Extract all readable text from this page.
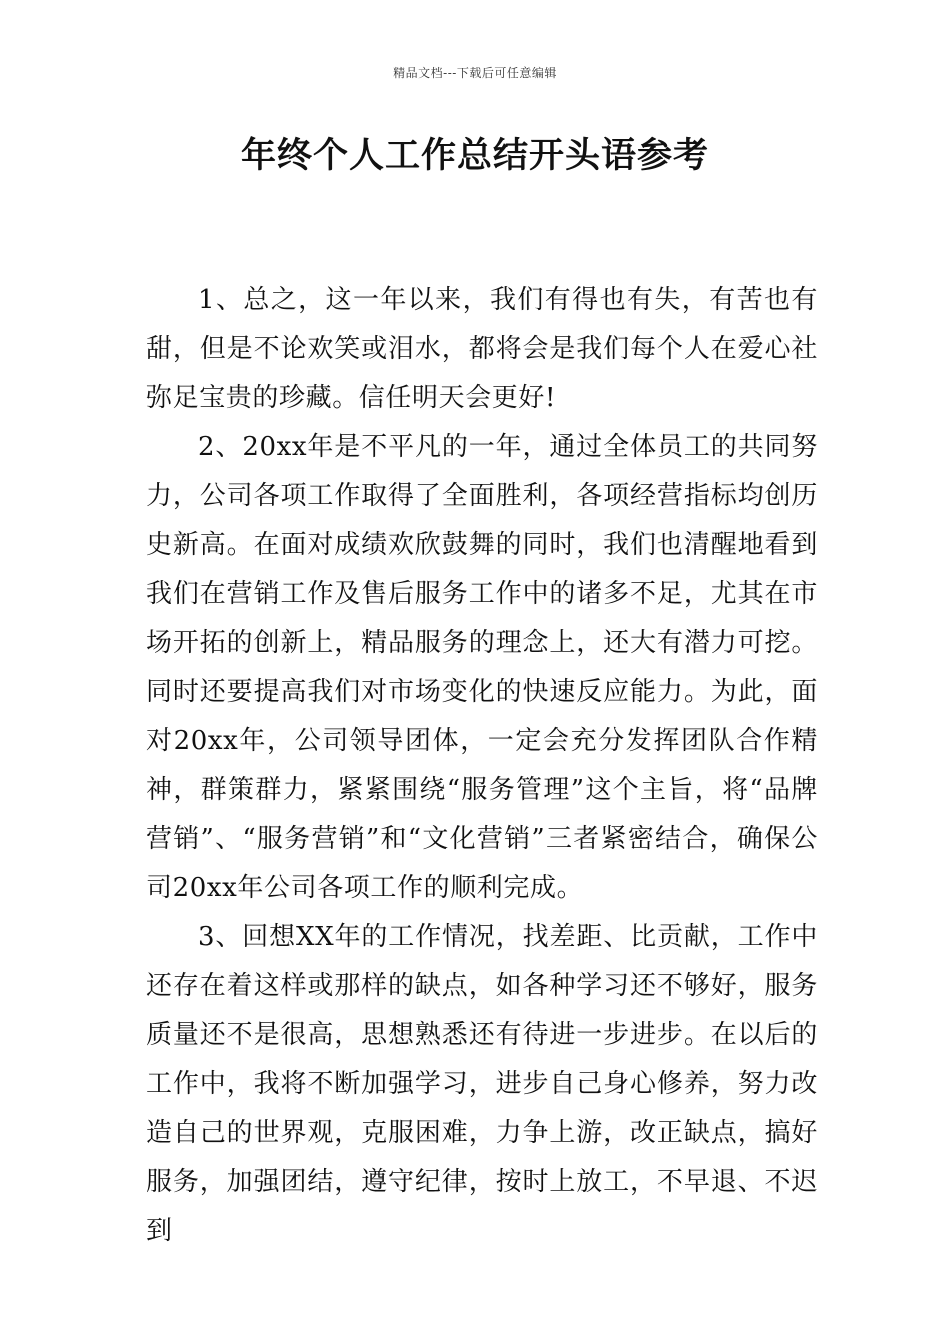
精品文档---下载后可任意编辑
年终个人工作总结开头语参考

1、总之，这一年以来，我们有得也有失，有苦也有甜，但是不论欢笑或泪水，都将会是我们每个人在爱心社弥足宝贵的珍藏。信任明天会更好!

2、20xx年是不平凡的一年，通过全体员工的共同努力，公司各项工作取得了全面胜利，各项经营指标均创历史新高。在面对成绩欢欣鼓舞的同时，我们也清醒地看到我们在营销工作及售后服务工作中的诸多不足，尤其在市场开拓的创新上，精品服务的理念上，还大有潜力可挖。同时还要提高我们对市场变化的快速反应能力。为此，面对20xx年，公司领导团体，一定会充分发挥团队合作精神，群策群力，紧紧围绕“服务管理”这个主旨，将“品牌营销”、“服务营销”和“文化营销”三者紧密结合，确保公司20xx年公司各项工作的顺利完成。

3、回想XX年的工作情况，找差距、比贡献，工作中还存在着这样或那样的缺点，如各种学习还不够好，服务质量还不是很高，思想熟悉还有待进一步进步。在以后的工作中，我将不断加强学习，进步自己身心修养，努力改造自己的世界观，克服困难，力争上游，改正缺点，搞好服务，加强团结，遵守纪律，按时上放工，不早退、不迟到
